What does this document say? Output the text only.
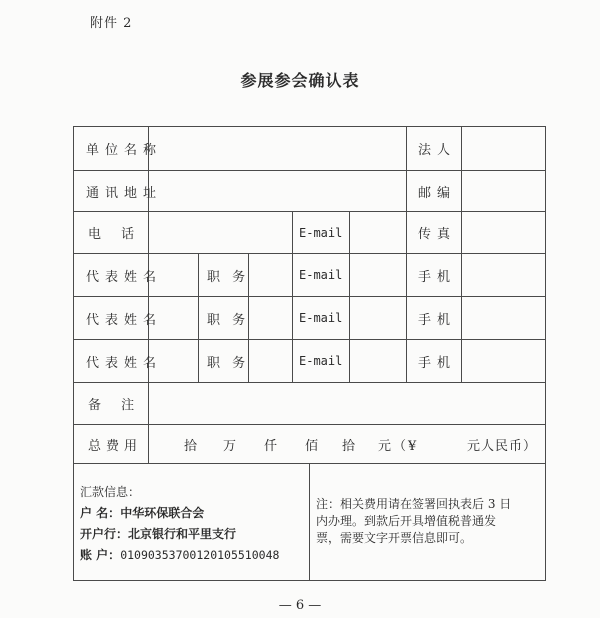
附件 2
参展参会确认表
单位名称	法人
通讯地址	邮编
电 话	E-mail	传真
代表姓名	职 务	E-mail	手机
代表姓名	职 务	E-mail	手机
代表姓名	职 务	E-mail	手机
备 注
总费用	拾 万 仟 佰 拾 元（¥	元人民币）
汇款信息：
户 名：中华环保联合会
开户行：北京银行和平里支行
账 户：01090353700120105510048
注：相关费用请在签署回执表后 3 日
内办理。到款后开具增值税普通发
票，需要文字开票信息即可。
— 6 —
